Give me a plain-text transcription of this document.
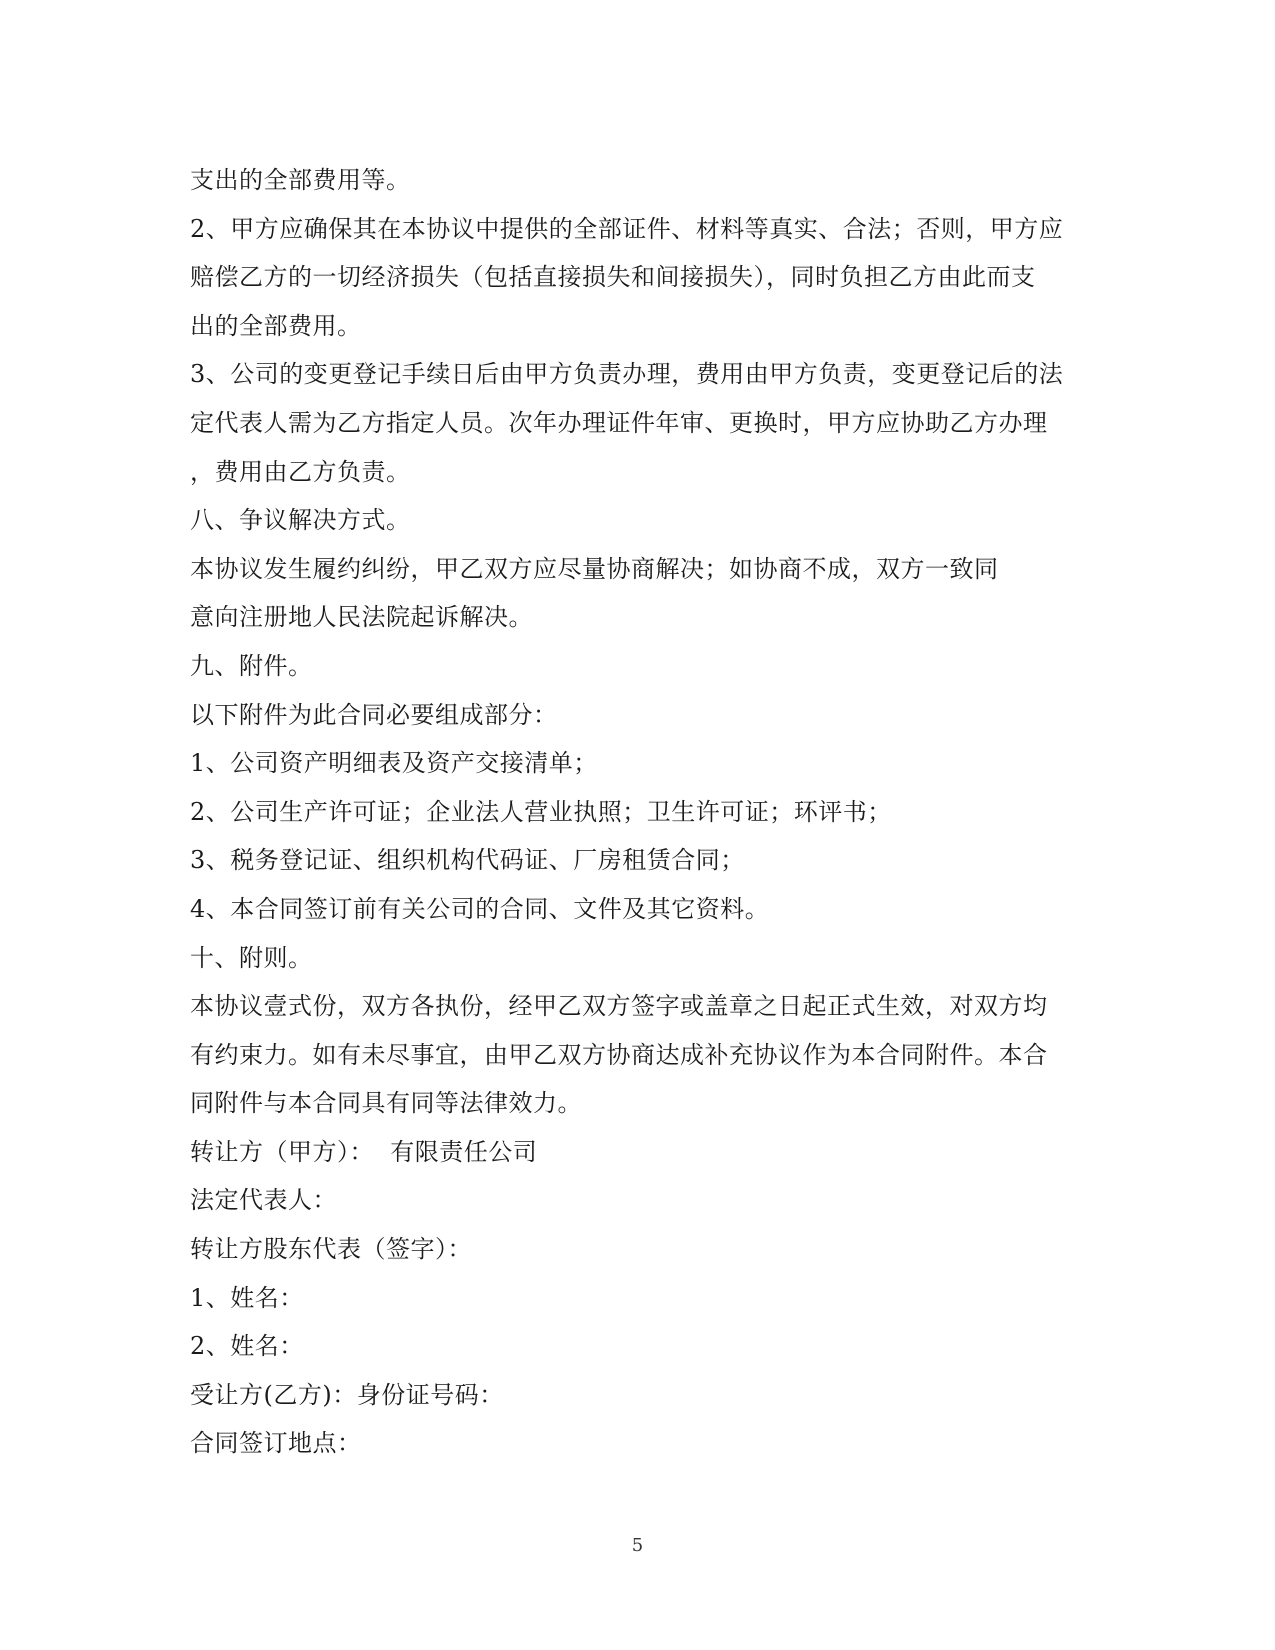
支出的全部费用等。
2、甲方应确保其在本协议中提供的全部证件、材料等真实、合法；否则，甲方应
赔偿乙方的一切经济损失（包括直接损失和间接损失），同时负担乙方由此而支
出的全部费用。
3、公司的变更登记手续日后由甲方负责办理，费用由甲方负责，变更登记后的法
定代表人需为乙方指定人员。次年办理证件年审、更换时，甲方应协助乙方办理
，费用由乙方负责。
八、争议解决方式。
本协议发生履约纠纷，甲乙双方应尽量协商解决；如协商不成，双方一致同
意向注册地人民法院起诉解决。
九、附件。
以下附件为此合同必要组成部分：
1、公司资产明细表及资产交接清单；
2、公司生产许可证；企业法人营业执照；卫生许可证；环评书；
3、税务登记证、组织机构代码证、厂房租赁合同；
4、本合同签订前有关公司的合同、文件及其它资料。
十、附则。
本协议壹式份，双方各执份，经甲乙双方签字或盖章之日起正式生效，对双方均
有约束力。如有未尽事宜，由甲乙双方协商达成补充协议作为本合同附件。本合
同附件与本合同具有同等法律效力。
转让方（甲方）：  有限责任公司
法定代表人：
转让方股东代表（签字）：
1、姓名：
2、姓名：
受让方(乙方)：身份证号码：
合同签订地点：
5
